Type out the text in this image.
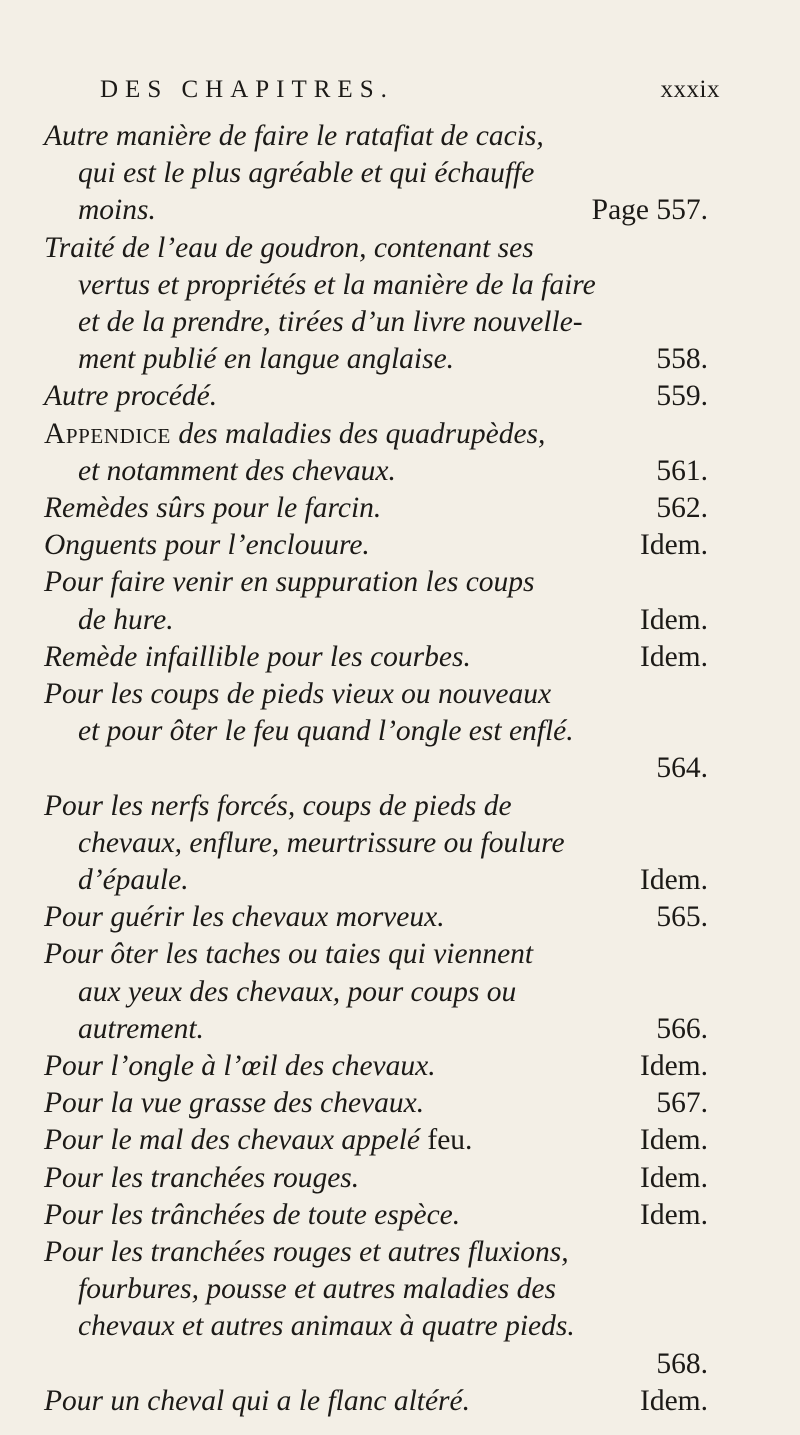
DES CHAPITRES.	xxxix
Autre manière de faire le ratafiat de cacis,
qui est le plus agréable et qui échauffe
moins.	Page 557.
Traité de l’eau de goudron, contenant ses
vertus et propriétés et la manière de la faire
et de la prendre, tirées d’un livre nouvelle-
ment publié en langue anglaise.	558.
Autre procédé.	559.
Appendice des maladies des quadrupèdes,
et notamment des chevaux.	561.
Remèdes sûrs pour le farcin.	562.
Onguents pour l’enclouure.	Idem.
Pour faire venir en suppuration les coups
de hure.	Idem.
Remède infaillible pour les courbes.	Idem.
Pour les coups de pieds vieux ou nouveaux
et pour ôter le feu quand l’ongle est enflé.
564.
Pour les nerfs forcés, coups de pieds de
chevaux, enflure, meurtrissure ou foulure
d’épaule.	Idem.
Pour guérir les chevaux morveux.	565.
Pour ôter les taches ou taies qui viennent
aux yeux des chevaux, pour coups ou
autrement.	566.
Pour l’ongle à l’œil des chevaux.	Idem.
Pour la vue grasse des chevaux.	567.
Pour le mal des chevaux appelé feu.	Idem.
Pour les tranchées rouges.	Idem.
Pour les trânchées de toute espèce.	Idem.
Pour les tranchées rouges et autres fluxions,
fourbures, pousse et autres maladies des
chevaux et autres animaux à quatre pieds.
568.
Pour un cheval qui a le flanc altéré.	Idem.
